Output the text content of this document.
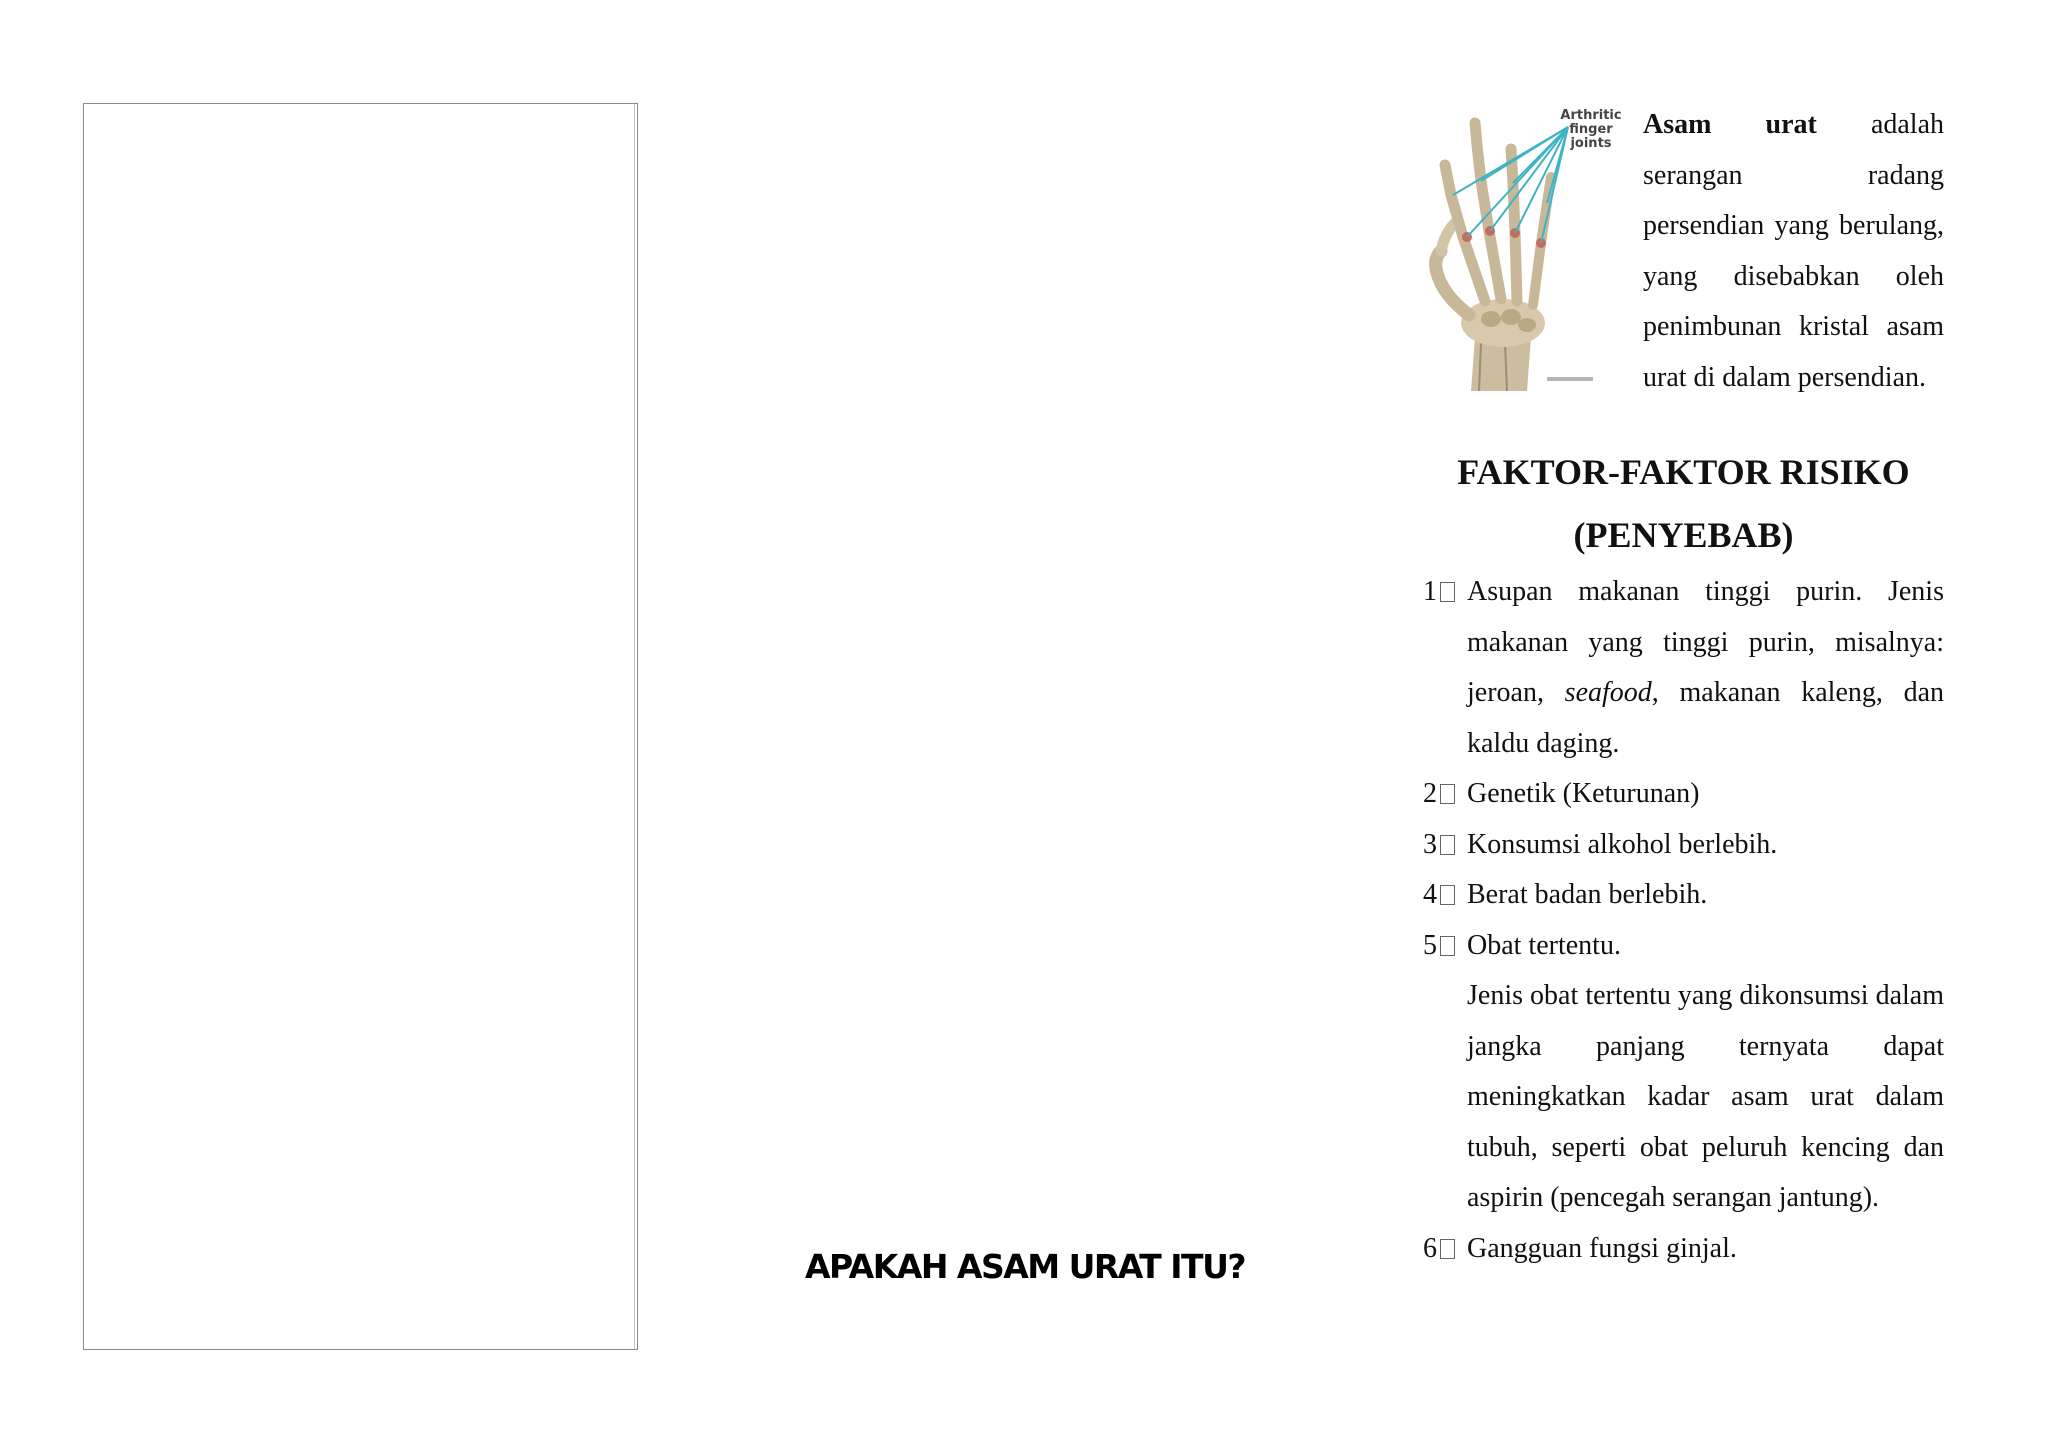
APAKAH ASAM URAT ITU?
Arthritic
finger
joints

Asam urat adalah serangan radang persendian yang berulang, yang disebabkan oleh penimbunan kristal asam urat di dalam persendian.

FAKTOR-FAKTOR RISIKO
(PENYEBAB)
1 Asupan makanan tinggi purin. Jenis makanan yang tinggi purin, misalnya: jeroan, seafood, makanan kaleng, dan kaldu daging.
2 Genetik (Keturunan)
3 Konsumsi alkohol berlebih.
4 Berat badan berlebih.
5 Obat tertentu.
Jenis obat tertentu yang dikonsumsi dalam jangka panjang ternyata dapat meningkatkan kadar asam urat dalam tubuh, seperti obat peluruh kencing dan aspirin (pencegah serangan jantung).
6 Gangguan fungsi ginjal.
